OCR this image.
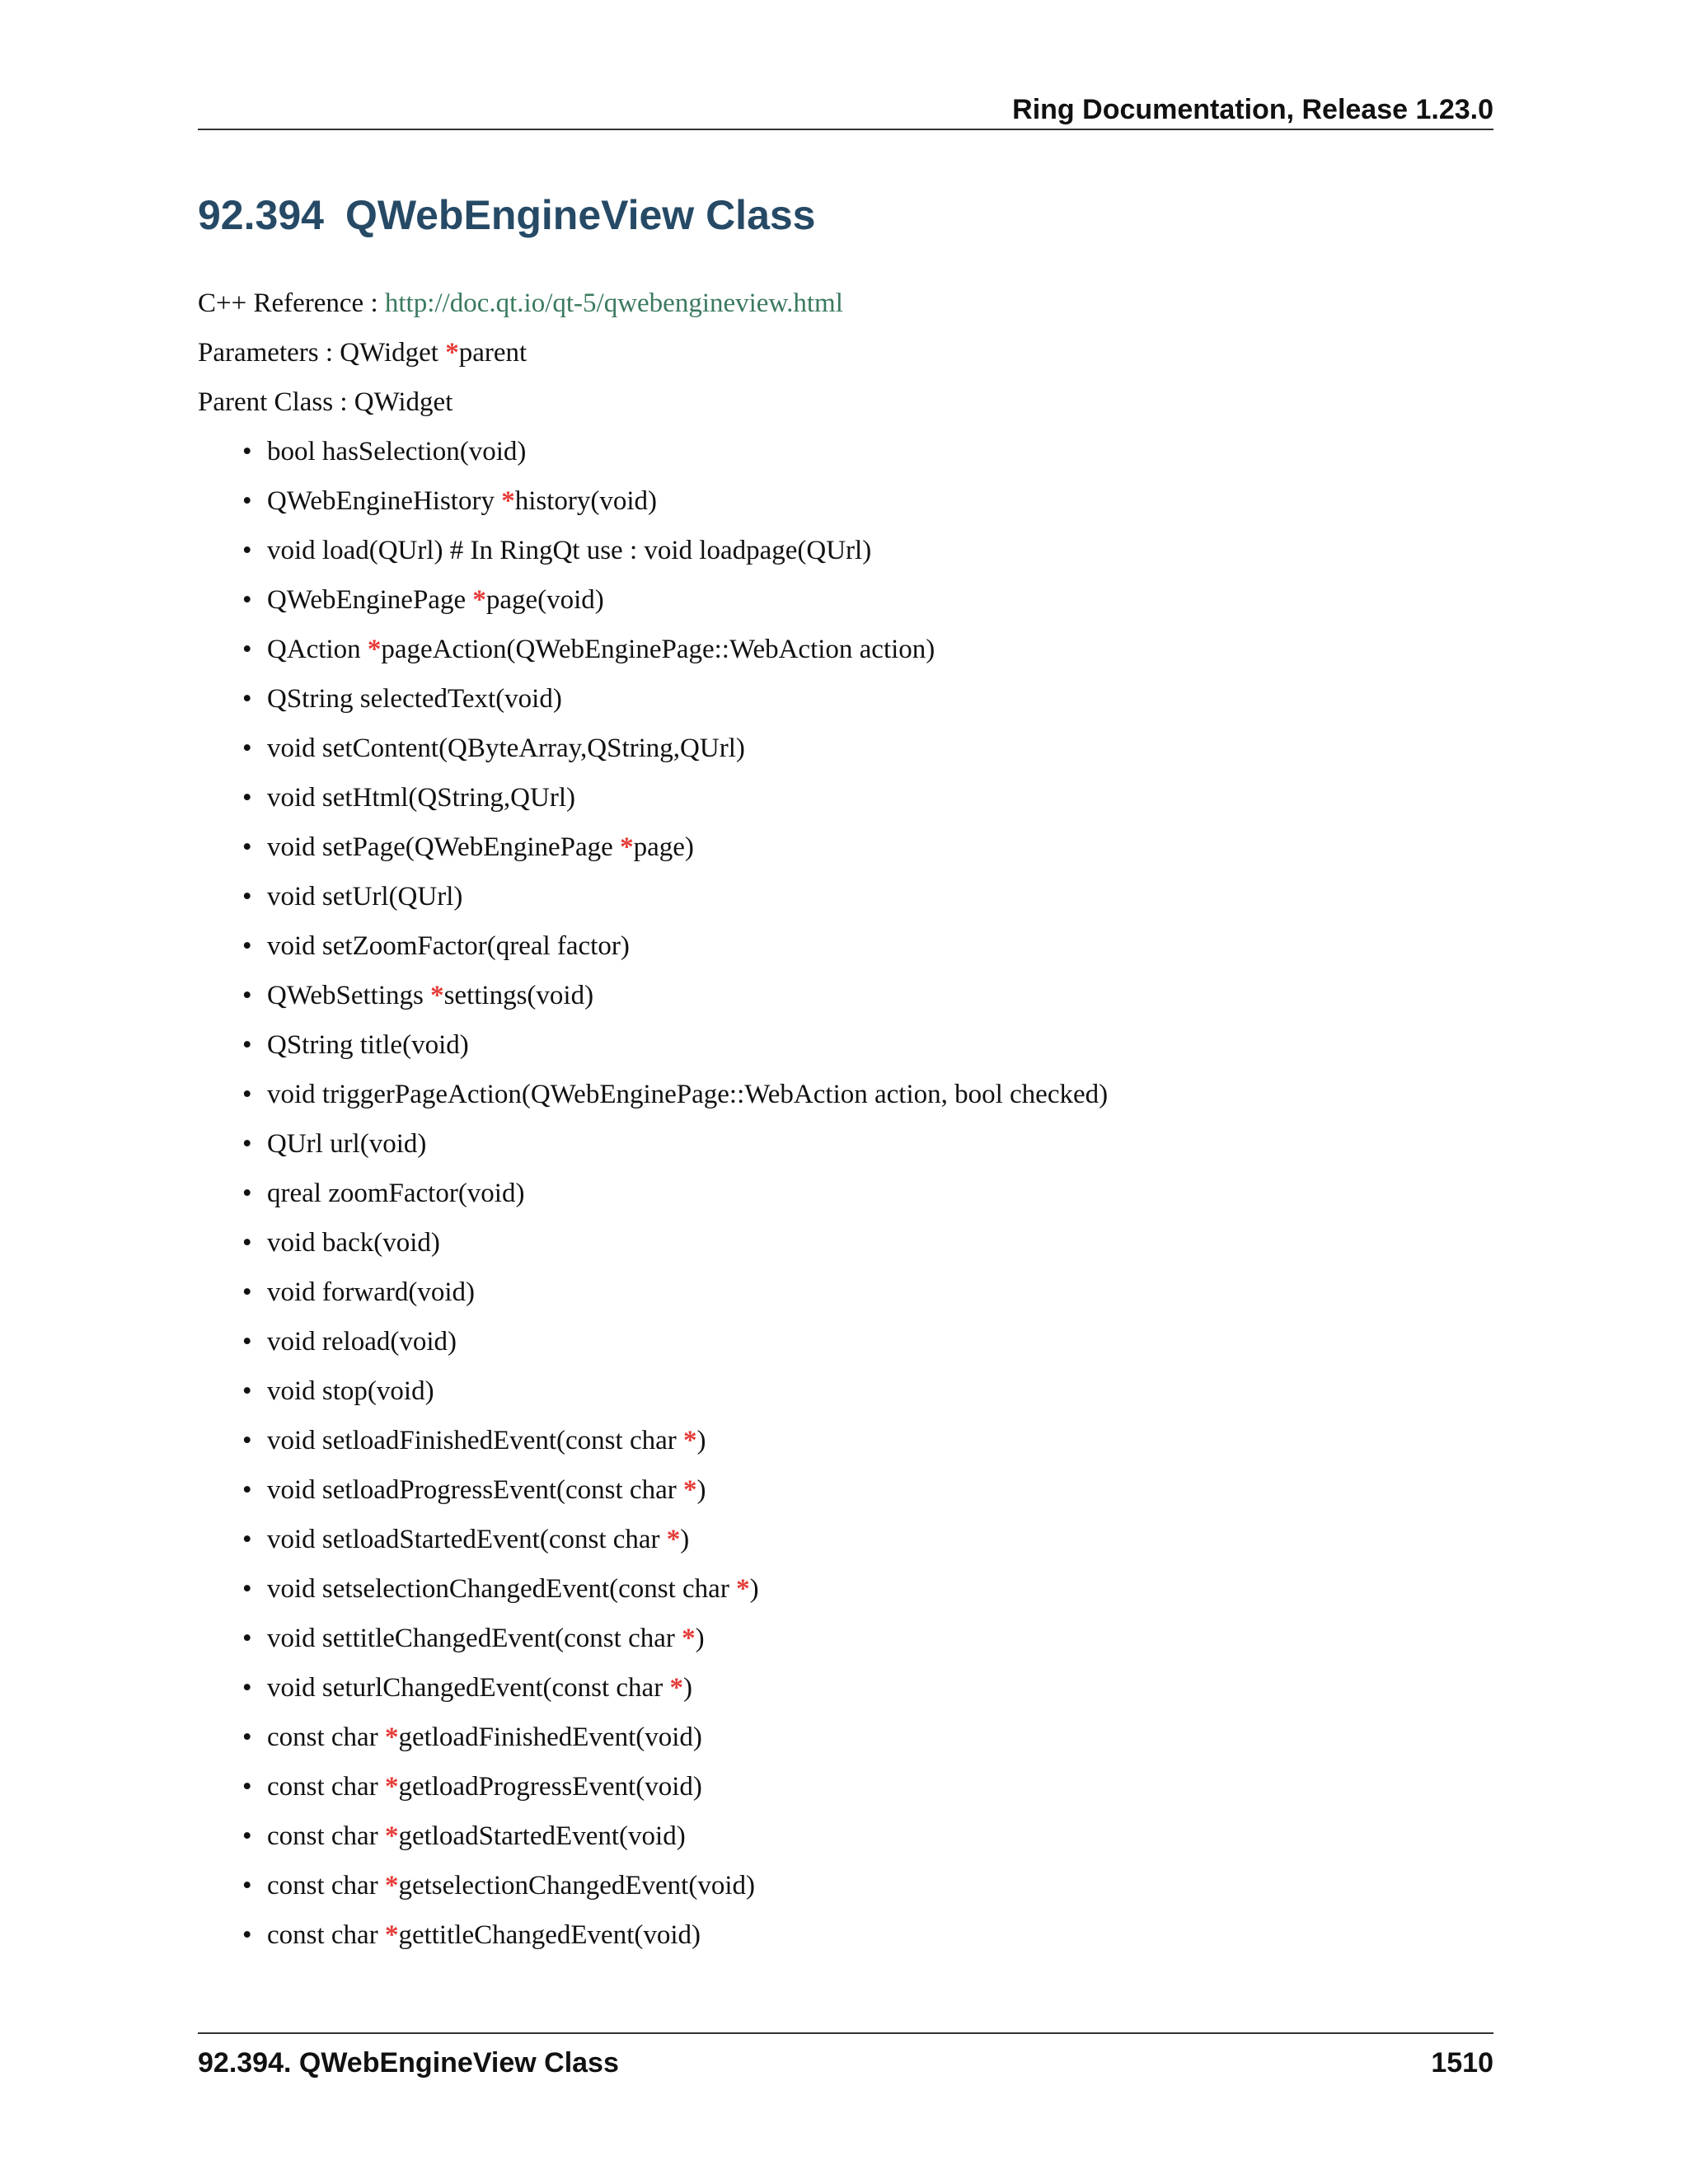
Ring Documentation, Release 1.23.0
92.394 QWebEngineView Class
C++ Reference : http://doc.qt.io/qt-5/qwebengineview.html
Parameters : QWidget *parent
Parent Class : QWidget
• bool hasSelection(void)
• QWebEngineHistory *history(void)
• void load(QUrl) # In RingQt use : void loadpage(QUrl)
• QWebEnginePage *page(void)
• QAction *pageAction(QWebEnginePage::WebAction action)
• QString selectedText(void)
• void setContent(QByteArray,QString,QUrl)
• void setHtml(QString,QUrl)
• void setPage(QWebEnginePage *page)
• void setUrl(QUrl)
• void setZoomFactor(qreal factor)
• QWebSettings *settings(void)
• QString title(void)
• void triggerPageAction(QWebEnginePage::WebAction action, bool checked)
• QUrl url(void)
• qreal zoomFactor(void)
• void back(void)
• void forward(void)
• void reload(void)
• void stop(void)
• void setloadFinishedEvent(const char *)
• void setloadProgressEvent(const char *)
• void setloadStartedEvent(const char *)
• void setselectionChangedEvent(const char *)
• void settitleChangedEvent(const char *)
• void seturlChangedEvent(const char *)
• const char *getloadFinishedEvent(void)
• const char *getloadProgressEvent(void)
• const char *getloadStartedEvent(void)
• const char *getselectionChangedEvent(void)
• const char *gettitleChangedEvent(void)
92.394. QWebEngineView Class	1510
